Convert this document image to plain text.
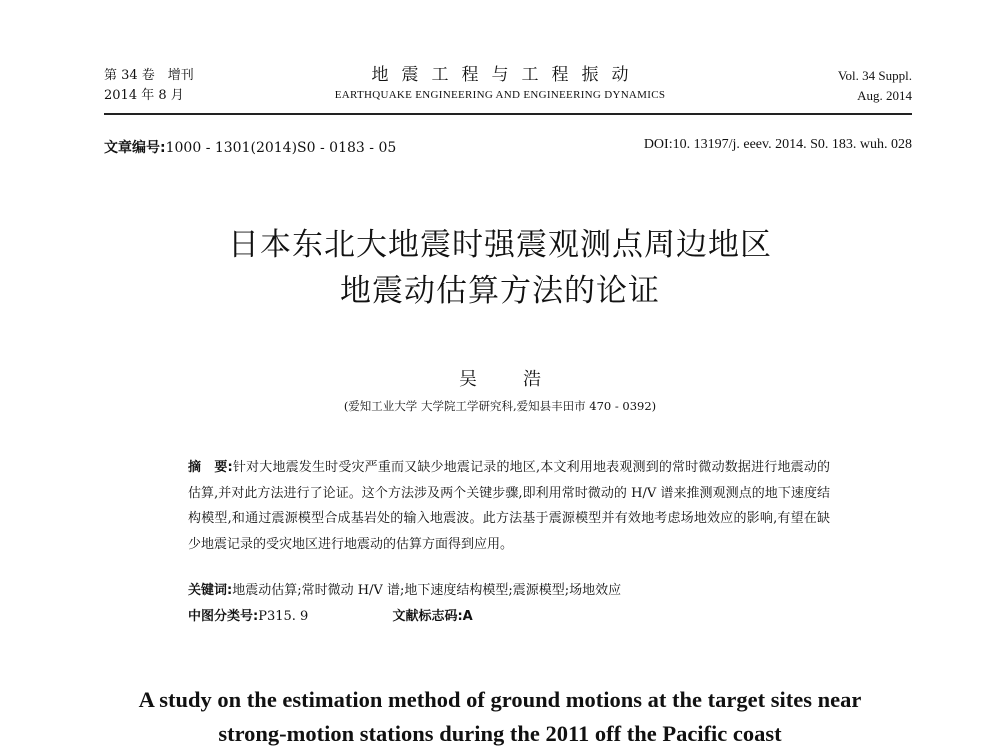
第 34 卷　增刊
2014 年 8 月
地震工程与工程振动
EARTHQUAKE ENGINEERING AND ENGINEERING DYNAMICS
Vol. 34 Suppl.
Aug. 2014
文章编号:1000 - 1301(2014)S0 - 0183 - 05	DOI:10. 13197/j. eeev. 2014. S0. 183. wuh. 028
日本东北大地震时强震观测点周边地区
地震动估算方法的论证
吴　浩
(爱知工业大学 大学院工学研究科,爱知县丰田市 470 - 0392)
摘　要:针对大地震发生时受灾严重而又缺少地震记录的地区,本文利用地表观测到的常时微动数据进行地震动的估算,并对此方法进行了论证。这个方法涉及两个关键步骤,即利用常时微动的 H/V 谱来推测观测点的地下速度结构模型,和通过震源模型合成基岩处的输入地震波。此方法基于震源模型并有效地考虑场地效应的影响,有望在缺少地震记录的受灾地区进行地震动的估算方面得到应用。
关键词:地震动估算;常时微动 H/V 谱;地下速度结构模型;震源模型;场地效应
中图分类号:P315. 9	文献标志码:A
A study on the estimation method of ground motions at the target sites near
strong-motion stations during the 2011 off the Pacific coast
